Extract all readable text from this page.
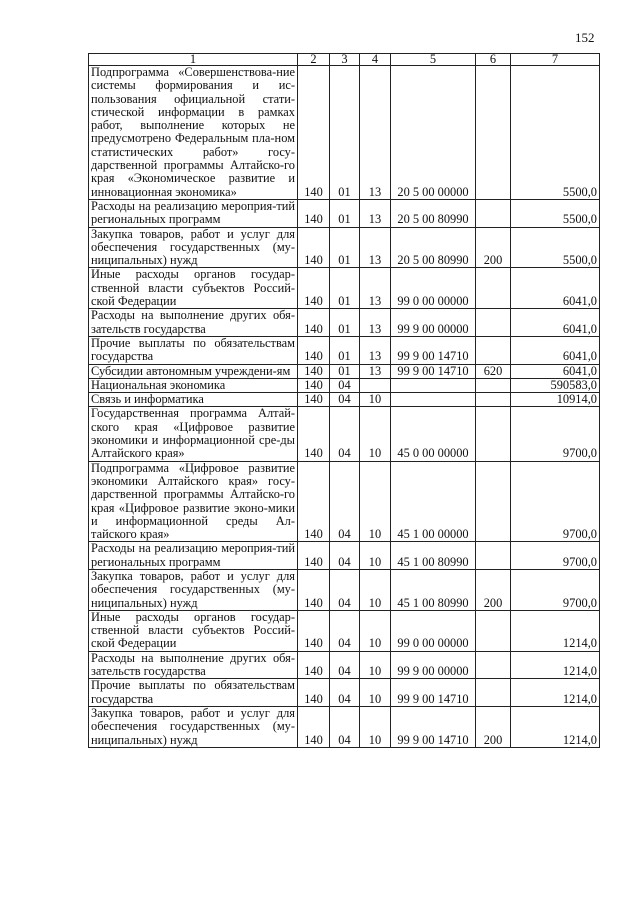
152
1	2	3	4	5	6	7
Подпрограмма «Совершенствова-ние системы формирования и ис-пользования официальной стати-стической информации в рамках работ, выполнение которых не предусмотрено Федеральным пла-ном статистических работ» госу-дарственной программы Алтайско-го края «Экономическое развитие и инновационная экономика»	140	01	13	20 5 00 00000		5500,0
Расходы на реализацию мероприя-тий региональных программ	140	01	13	20 5 00 80990		5500,0
Закупка товаров, работ и услуг для обеспечения государственных (му-ниципальных) нужд	140	01	13	20 5 00 80990	200	5500,0
Иные расходы органов государ-ственной власти субъектов Россий-ской Федерации	140	01	13	99 0 00 00000		6041,0
Расходы на выполнение других обя-зательств государства	140	01	13	99 9 00 00000		6041,0
Прочие выплаты по обязательствам государства	140	01	13	99 9 00 14710		6041,0
Субсидии автономным учреждени-ям	140	01	13	99 9 00 14710	620	6041,0
Национальная экономика	140	04				590583,0
Связь и информатика	140	04	10			10914,0
Государственная программа Алтай-ского края «Цифровое развитие экономики и информационной сре-ды Алтайского края»	140	04	10	45 0 00 00000		9700,0
Подпрограмма «Цифровое развитие экономики Алтайского края» госу-дарственной программы Алтайско-го края «Цифровое развитие эконо-мики и информационной среды Ал-тайского края»	140	04	10	45 1 00 00000		9700,0
Расходы на реализацию мероприя-тий региональных программ	140	04	10	45 1 00 80990		9700,0
Закупка товаров, работ и услуг для обеспечения государственных (му-ниципальных) нужд	140	04	10	45 1 00 80990	200	9700,0
Иные расходы органов государ-ственной власти субъектов Россий-ской Федерации	140	04	10	99 0 00 00000		1214,0
Расходы на выполнение других обя-зательств государства	140	04	10	99 9 00 00000		1214,0
Прочие выплаты по обязательствам государства	140	04	10	99 9 00 14710		1214,0
Закупка товаров, работ и услуг для обеспечения государственных (му-ниципальных) нужд	140	04	10	99 9 00 14710	200	1214,0
